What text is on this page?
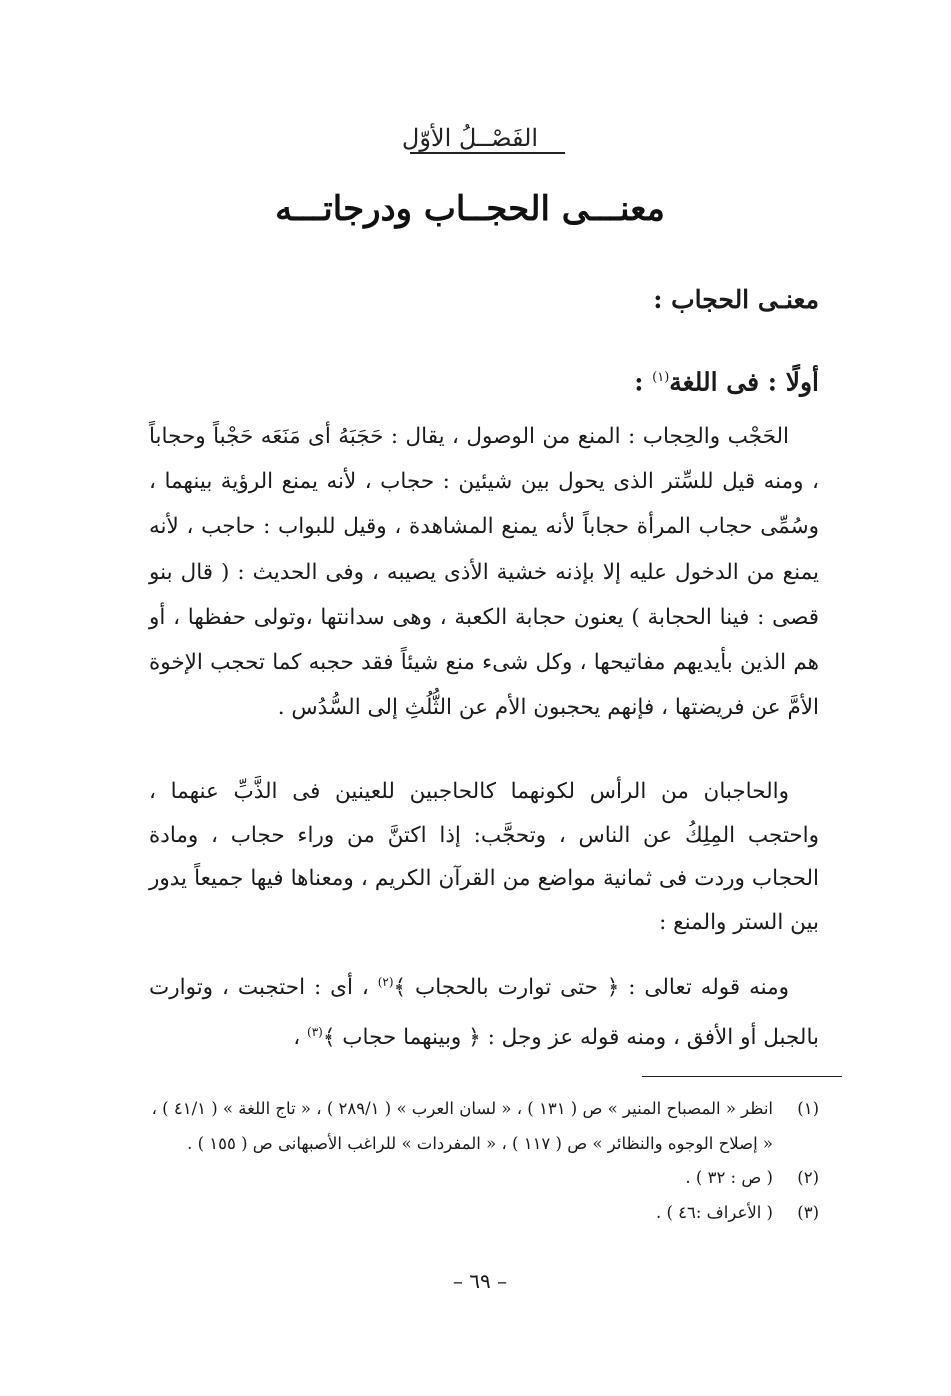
الفَصْــلُ الأوّل
معنـــى الحجــاب ودرجاتـــه
معنـى الحجاب :
أولًا : فى اللغة$^{(١)}$ :
الحَجْب والحِجاب : المنع من الوصول ، يقال : حَجَبَهُ أى مَنَعَه حَجْباً وحجاباً ، ومنه قيل للسِّتر الذى يحول بين شيئين : حجاب ، لأنه يمنع الرؤية بينهما ، وسُمِّى حجاب المرأة حجاباً لأنه يمنع المشاهدة ، وقيل للبواب : حاجب ، لأنه يمنع من الدخول عليه إلا بإذنه خشية الأذى يصيبه ، وفى الحديث : ( قال بنو قصى : فينا الحجابة ) يعنون حجابة الكعبة ، وهى سدانتها ،وتولى حفظها ، أو هم الذين بأيديهم مفاتيحها ، وكل شىء منع شيئاً فقد حجبه كما تحجب الإخوة الأمَّ عن فريضتها ، فإنهم يحجبون الأم عن الثُّلُثِ إلى السُّدُس .
والحاجبان من الرأس لكونهما كالحاجبين للعينين فى الذَّبِّ عنهما ، واحتجب المِلِكُ عن الناس ، وتحجَّب: إذا اكتنَّ من وراء حجاب ، ومادة الحجاب وردت فى ثمانية مواضع من القرآن الكريم ، ومعناها فيها جميعاً يدور بين الستر والمنع :
ومنه قوله تعالى : ﴿ حتى توارت بالحجاب ﴾$^{(٢)}$ ، أى : احتجبت ، وتوارت بالجبل أو الأفق ، ومنه قوله عز وجل : ﴿ وبينهما حجاب ﴾$^{(٣)}$ ،
(١)
انظر « المصباح المنير » ص ( ١٣١ ) ، « لسان العرب » ( ٢٨٩/١ ) ، « تاج اللغة » ( ٤١/١ ) ، « إصلاح الوجوه والنظائر » ص ( ١١٧ ) ، « المفردات » للراغب الأصبهانى ص ( ١٥٥ ) .
(٢)
( ص : ٣٢ ) .
(٣)
( الأعراف :٤٦ ) .
– ٦٩ –
